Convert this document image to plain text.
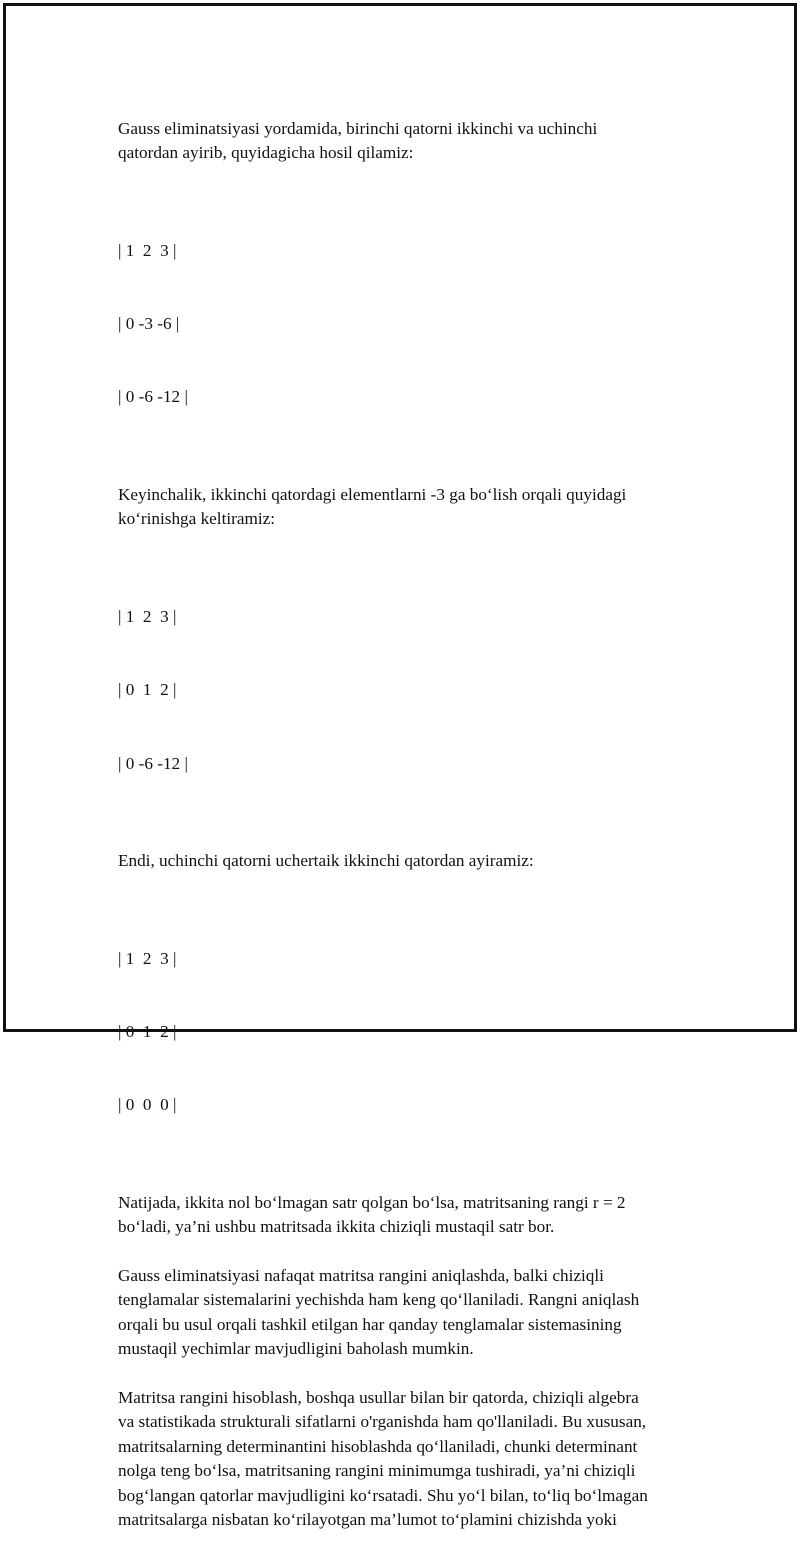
Gauss eliminatsiyasi yordamida, birinchi qatorni ikkinchi va uchinchi
qatordan ayirib, quyidagicha hosil qilamiz:

| 1  2  3 |

| 0 -3 -6 |

| 0 -6 -12 |

Keyinchalik, ikkinchi qatordagi elementlarni -3 ga bo‘lish orqali quyidagi
ko‘rinishga keltiramiz:

| 1  2  3 |

| 0  1  2 |

| 0 -6 -12 |

Endi, uchinchi qatorni uchertaik ikkinchi qatordan ayiramiz:

| 1  2  3 |

| 0  1  2 |

| 0  0  0 |

Natijada, ikkita nol bo‘lmagan satr qolgan bo‘lsa, matritsaning rangi r = 2
bo‘ladi, ya’ni ushbu matritsada ikkita chiziqli mustaqil satr bor.
Gauss eliminatsiyasi nafaqat matritsa rangini aniqlashda, balki chiziqli
tenglamalar sistemalarini yechishda ham keng qo‘llaniladi. Rangni aniqlash
orqali bu usul orqali tashkil etilgan har qanday tenglamalar sistemasining
mustaqil yechimlar mavjudligini baholash mumkin.
Matritsa rangini hisoblash, boshqa usullar bilan bir qatorda, chiziqli algebra
va statistikada strukturali sifatlarni o'rganishda ham qo'llaniladi. Bu xususan,
matritsalarning determinantini hisoblashda qo‘llaniladi, chunki determinant
nolga teng bo‘lsa, matritsaning rangini minimumga tushiradi, ya’ni chiziqli
bog‘langan qatorlar mavjudligini ko‘rsatadi. Shu yo‘l bilan, to‘liq bo‘lmagan
matritsalarga nisbatan ko‘rilayotgan ma’lumot to‘plamini chizishda yoki
